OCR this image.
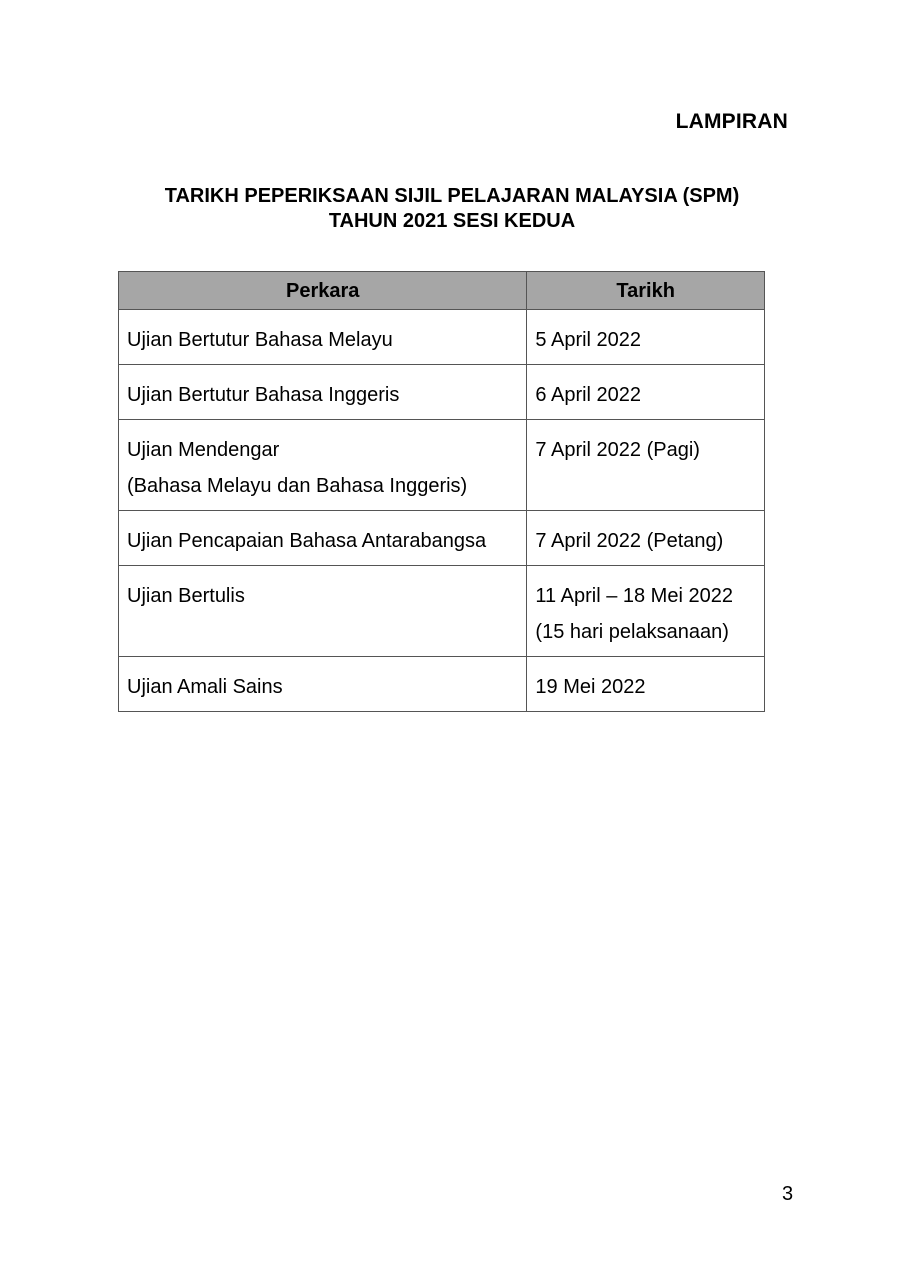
LAMPIRAN
TARIKH PEPERIKSAAN SIJIL PELAJARAN MALAYSIA (SPM)
TAHUN 2021 SESI KEDUA
Perkara	Tarikh

Ujian Bertutur Bahasa Melayu	5 April 2022

Ujian Bertutur Bahasa Inggeris	6 April 2022

Ujian Mendengar
(Bahasa Melayu dan Bahasa Inggeris)	7 April 2022 (Pagi)

Ujian Pencapaian Bahasa Antarabangsa	7 April 2022 (Petang)

Ujian Bertulis	11 April – 18 Mei 2022
(15 hari pelaksanaan)

Ujian Amali Sains	19 Mei 2022
3
